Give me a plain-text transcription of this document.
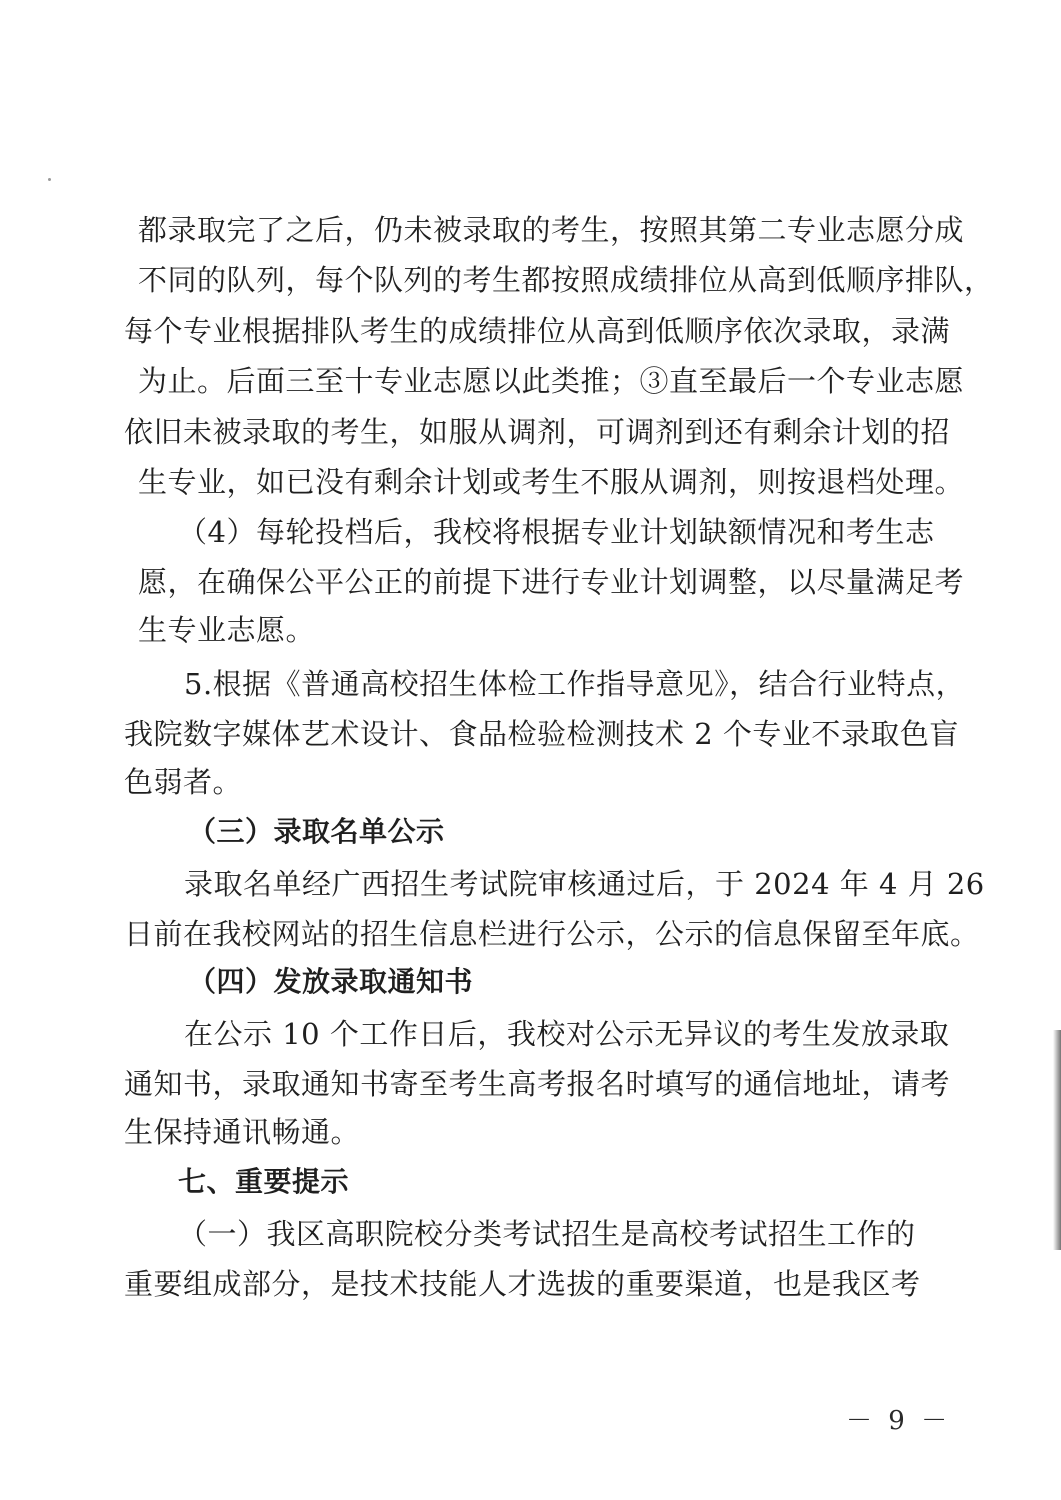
都录取完了之后，仍未被录取的考生，按照其第二专业志愿分成
不同的队列，每个队列的考生都按照成绩排位从高到低顺序排队，
每个专业根据排队考生的成绩排位从高到低顺序依次录取，录满
为止。后面三至十专业志愿以此类推；③直至最后一个专业志愿
依旧未被录取的考生，如服从调剂，可调剂到还有剩余计划的招
生专业，如已没有剩余计划或考生不服从调剂，则按退档处理。
（4）每轮投档后，我校将根据专业计划缺额情况和考生志
愿，在确保公平公正的前提下进行专业计划调整，以尽量满足考
生专业志愿。
5.根据《普通高校招生体检工作指导意见》，结合行业特点，
我院数字媒体艺术设计、食品检验检测技术 2 个专业不录取色盲
色弱者。
（三）录取名单公示
录取名单经广西招生考试院审核通过后，于 2024 年 4 月 26
日前在我校网站的招生信息栏进行公示，公示的信息保留至年底。
（四）发放录取通知书
在公示 10 个工作日后，我校对公示无异议的考生发放录取
通知书，录取通知书寄至考生高考报名时填写的通信地址，请考
生保持通讯畅通。
七、重要提示
（一）我区高职院校分类考试招生是高校考试招生工作的
重要组成部分，是技术技能人才选拔的重要渠道，也是我区考
－ 9 －
